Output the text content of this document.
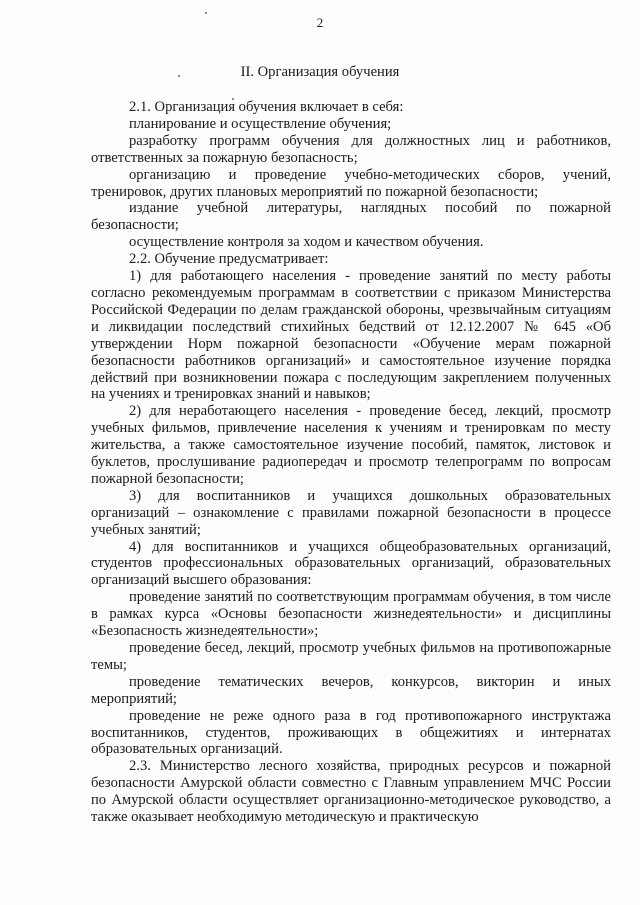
2
II. Организация обучения

2.1. Организация обучения включает в себя:

планирование и осуществление обучения;

разработку программ обучения для должностных лиц и работников, ответственных за пожарную безопасность;

организацию и проведение учебно-методических сборов, учений, тренировок, других плановых мероприятий по пожарной безопасности;

издание учебной литературы, наглядных пособий по пожарной безопасности;

осуществление контроля за ходом и качеством обучения.

2.2. Обучение предусматривает:

1) для работающего населения - проведение занятий по месту работы согласно рекомендуемым программам в соответствии с приказом Министерства Российской Федерации по делам гражданской обороны, чрезвычайным ситуациям и ликвидации последствий стихийных бедствий от 12.12.2007 № 645 «Об утверждении Норм пожарной безопасности «Обучение мерам пожарной безопасности работников организаций» и самостоятельное изучение порядка действий при возникновении пожара с последующим закреплением полученных на учениях и тренировках знаний и навыков;

2) для неработающего населения - проведение бесед, лекций, просмотр учебных фильмов, привлечение населения к учениям и тренировкам по месту жительства, а также самостоятельное изучение пособий, памяток, листовок и буклетов, прослушивание радиопередач и просмотр телепрограмм по вопросам пожарной безопасности;

3) для воспитанников и учащихся дошкольных образовательных организаций – ознакомление с правилами пожарной безопасности в процессе учебных занятий;

4) для воспитанников и учащихся общеобразовательных организаций, студентов профессиональных образовательных организаций, образовательных организаций высшего образования:

проведение занятий по соответствующим программам обучения, в том числе в рамках курса «Основы безопасности жизнедеятельности» и дисциплины «Безопасность жизнедеятельности»;

проведение бесед, лекций, просмотр учебных фильмов на противопожарные темы;

проведение тематических вечеров, конкурсов, викторин и иных мероприятий;

проведение не реже одного раза в год противопожарного инструктажа воспитанников, студентов, проживающих в общежитиях и интернатах образовательных организаций.

2.3. Министерство лесного хозяйства, природных ресурсов и пожарной безопасности Амурской области совместно с Главным управлением МЧС России по Амурской области осуществляет организационно-методическое руководство, а также оказывает необходимую методическую и практическую
